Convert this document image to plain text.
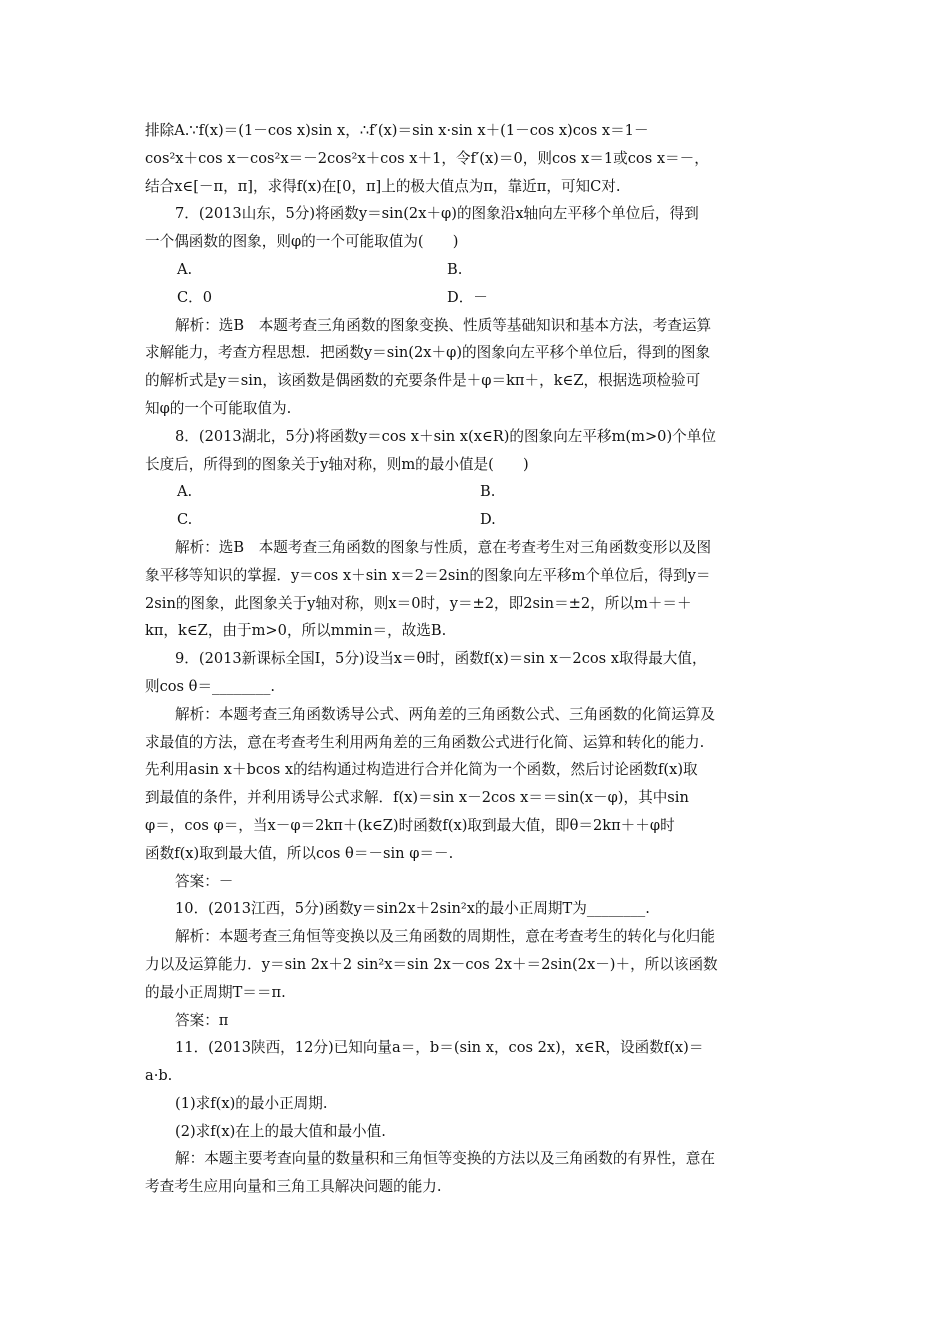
排除A.∵f(x)＝(1－cos x)sin x，∴f′(x)＝sin x·sin x＋(1－cos x)cos x＝1－
cos²x＋cos x－cos²x＝－2cos²x＋cos x＋1，令f′(x)＝0，则cos x＝1或cos x＝－，
结合x∈[－π，π]，求得f(x)在[0，π]上的极大值点为π，靠近π，可知C对.
7．(2013山东，5分)将函数y＝sin(2x＋φ)的图象沿x轴向左平移个单位后，得到
一个偶函数的图象，则φ的一个可能取值为(　　)
A.	B.
C．0	D．－
解析：选B　本题考查三角函数的图象变换、性质等基础知识和基本方法，考查运算
求解能力，考查方程思想．把函数y＝sin(2x＋φ)的图象向左平移个单位后，得到的图象
的解析式是y＝sin，该函数是偶函数的充要条件是＋φ＝kπ＋，k∈Z，根据选项检验可
知φ的一个可能取值为.
8．(2013湖北，5分)将函数y＝cos x＋sin x(x∈R)的图象向左平移m(m>0)个单位
长度后，所得到的图象关于y轴对称，则m的最小值是(　　)
A.	B.
C.	D.
解析：选B　本题考查三角函数的图象与性质，意在考查考生对三角函数变形以及图
象平移等知识的掌握．y＝cos x＋sin x＝2＝2sin的图象向左平移m个单位后，得到y＝
2sin的图象，此图象关于y轴对称，则x＝0时，y＝±2，即2sin＝±2，所以m＋＝＋
kπ，k∈Z，由于m>0，所以mmin＝，故选B.
9．(2013新课标全国Ⅰ，5分)设当x＝θ时，函数f(x)＝sin x－2cos x取得最大值，
则cos θ＝________.
解析：本题考查三角函数诱导公式、两角差的三角函数公式、三角函数的化简运算及
求最值的方法，意在考查考生利用两角差的三角函数公式进行化简、运算和转化的能力.
先利用asin x＋bcos x的结构通过构造进行合并化简为一个函数，然后讨论函数f(x)取
到最值的条件，并利用诱导公式求解．f(x)＝sin x－2cos x＝＝sin(x－φ)，其中sin
φ＝，cos φ＝，当x－φ＝2kπ＋(k∈Z)时函数f(x)取到最大值，即θ＝2kπ＋＋φ时
函数f(x)取到最大值，所以cos θ＝－sin φ＝－.
答案：－
10．(2013江西，5分)函数y＝sin2x＋2sin²x的最小正周期T为________.
解析：本题考查三角恒等变换以及三角函数的周期性，意在考查考生的转化与化归能
力以及运算能力．y＝sin 2x＋2 sin²x＝sin 2x－cos 2x＋＝2sin(2x－)＋，所以该函数
的最小正周期T＝＝π.
答案：π
11．(2013陕西，12分)已知向量a＝，b＝(sin x，cos 2x)，x∈R，设函数f(x)＝
a·b.
(1)求f(x)的最小正周期.
(2)求f(x)在上的最大值和最小值.
解：本题主要考查向量的数量积和三角恒等变换的方法以及三角函数的有界性，意在
考查考生应用向量和三角工具解决问题的能力.
